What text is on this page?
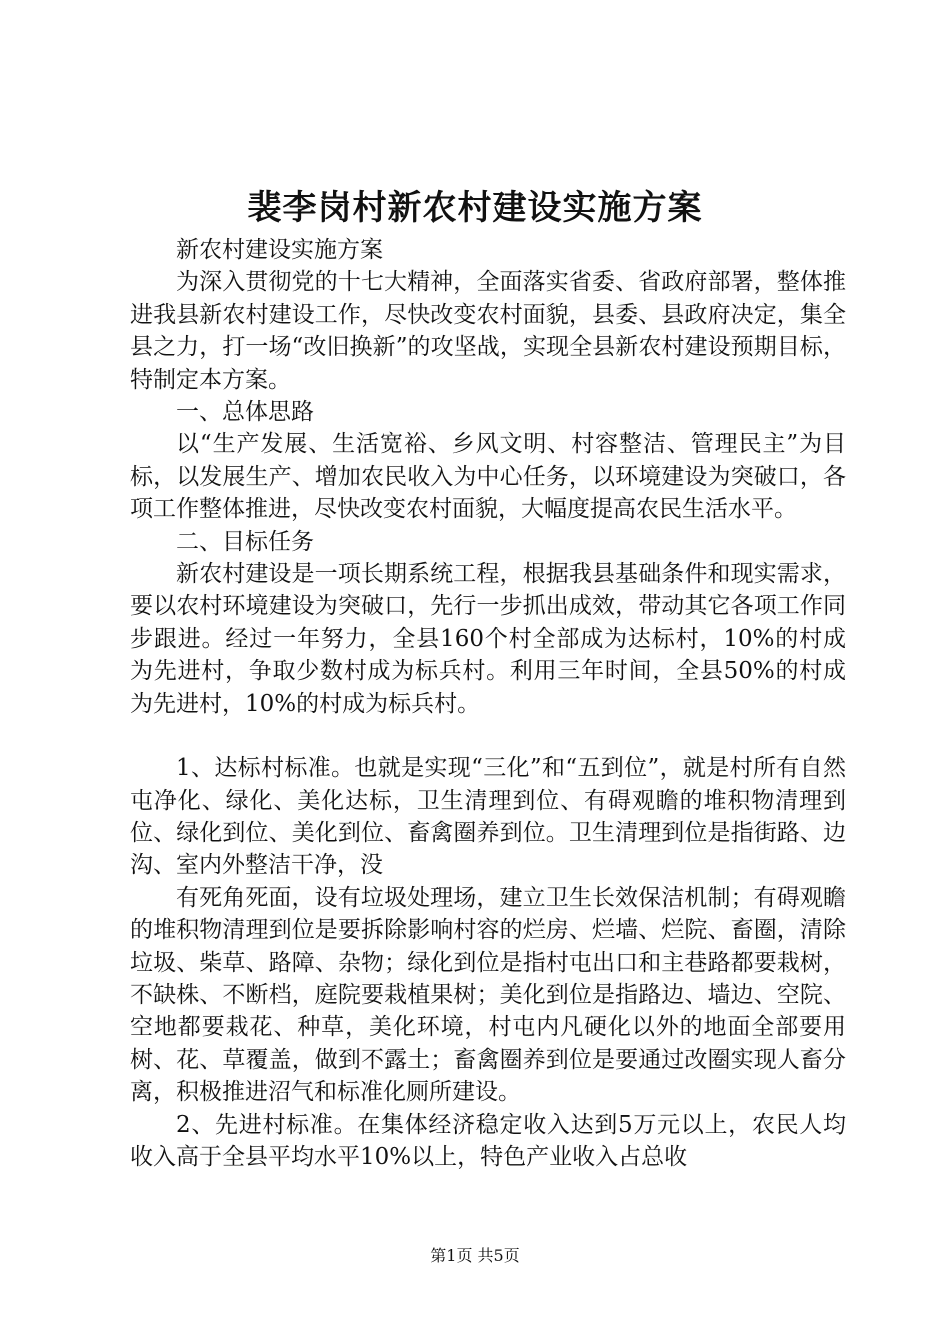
裴李岗村新农村建设实施方案

新农村建设实施方案

为深入贯彻党的十七大精神，全面落实省委、省政府部署，整体推进我县新农村建设工作，尽快改变农村面貌，县委、县政府决定，集全县之力，打一场“改旧换新”的攻坚战，实现全县新农村建设预期目标，特制定本方案。

一、总体思路

以“生产发展、生活宽裕、乡风文明、村容整洁、管理民主”为目标，以发展生产、增加农民收入为中心任务，以环境建设为突破口，各项工作整体推进，尽快改变农村面貌，大幅度提高农民生活水平。

二、目标任务

新农村建设是一项长期系统工程，根据我县基础条件和现实需求，要以农村环境建设为突破口，先行一步抓出成效，带动其它各项工作同步跟进。经过一年努力，全县160个村全部成为达标村，10%的村成为先进村，争取少数村成为标兵村。利用三年时间，全县50%的村成为先进村，10%的村成为标兵村。

1、达标村标准。也就是实现“三化”和“五到位”，就是村所有自然屯净化、绿化、美化达标，卫生清理到位、有碍观瞻的堆积物清理到位、绿化到位、美化到位、畜禽圈养到位。卫生清理到位是指街路、边沟、室内外整洁干净，没

有死角死面，设有垃圾处理场，建立卫生长效保洁机制；有碍观瞻的堆积物清理到位是要拆除影响村容的烂房、烂墙、烂院、畜圈，清除垃圾、柴草、路障、杂物；绿化到位是指村屯出口和主巷路都要栽树，不缺株、不断档，庭院要栽植果树；美化到位是指路边、墙边、空院、空地都要栽花、种草，美化环境，村屯内凡硬化以外的地面全部要用树、花、草覆盖，做到不露土；畜禽圈养到位是要通过改圈实现人畜分离，积极推进沼气和标准化厕所建设。

2、先进村标准。在集体经济稳定收入达到5万元以上，农民人均收入高于全县平均水平10%以上，特色产业收入占总收

第1页 共5页
